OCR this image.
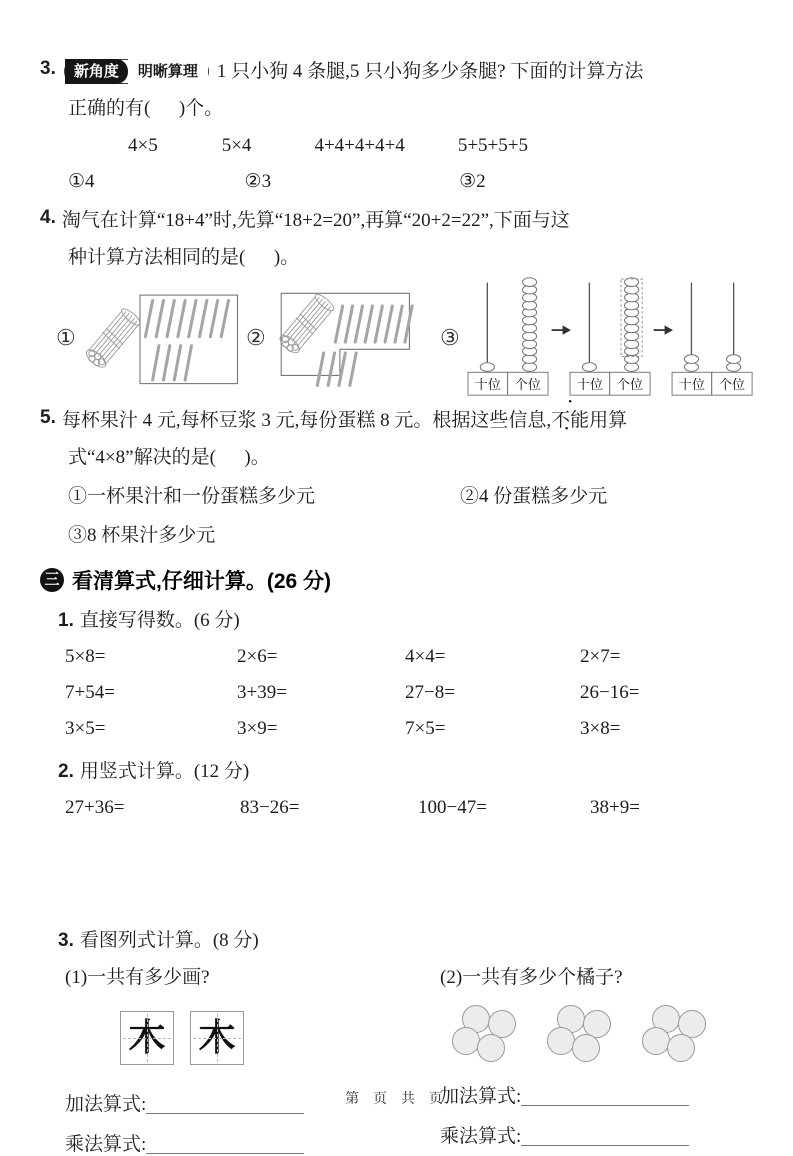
3.	新角度	明晰算理	1 只小狗 4 条腿,5 只小狗多少条腿? 下面的计算方法
正确的有(      )个。
4×5	5×4	4+4+4+4+4	5+5+5+5
①4	②3	③2
4. 淘气在计算“18+4”时,先算“18+2=20”,再算“20+2=22”,下面与这
种计算方法相同的是(      )。
①	②	③
十位 个位 十位 个位 十位 个位
5. 每杯果汁 4 元,每杯豆浆 3 元,每份蛋糕 8 元。根据这些信息,不能 • •用算
式“4×8”解决的是(      )。
①一杯果汁和一份蛋糕多少元	②4 份蛋糕多少元
③8 杯果汁多少元
三 看清算式,仔细计算。(26 分)
1. 直接写得数。(6 分)
5×8=	2×6=	4×4=	2×7=
7+54=	3+39=	27−8=	26−16=
3×5=	3×9=	7×5=	3×8=
2. 用竖式计算。(12 分)
27+36=	83−26=	100−47=	38+9=
3. 看图列式计算。(8 分)
(1)一共有多少画?
木 木
加法算式:
乘法算式:
(2)一共有多少个橘子?
加法算式:
乘法算式:
第 页 共 页
